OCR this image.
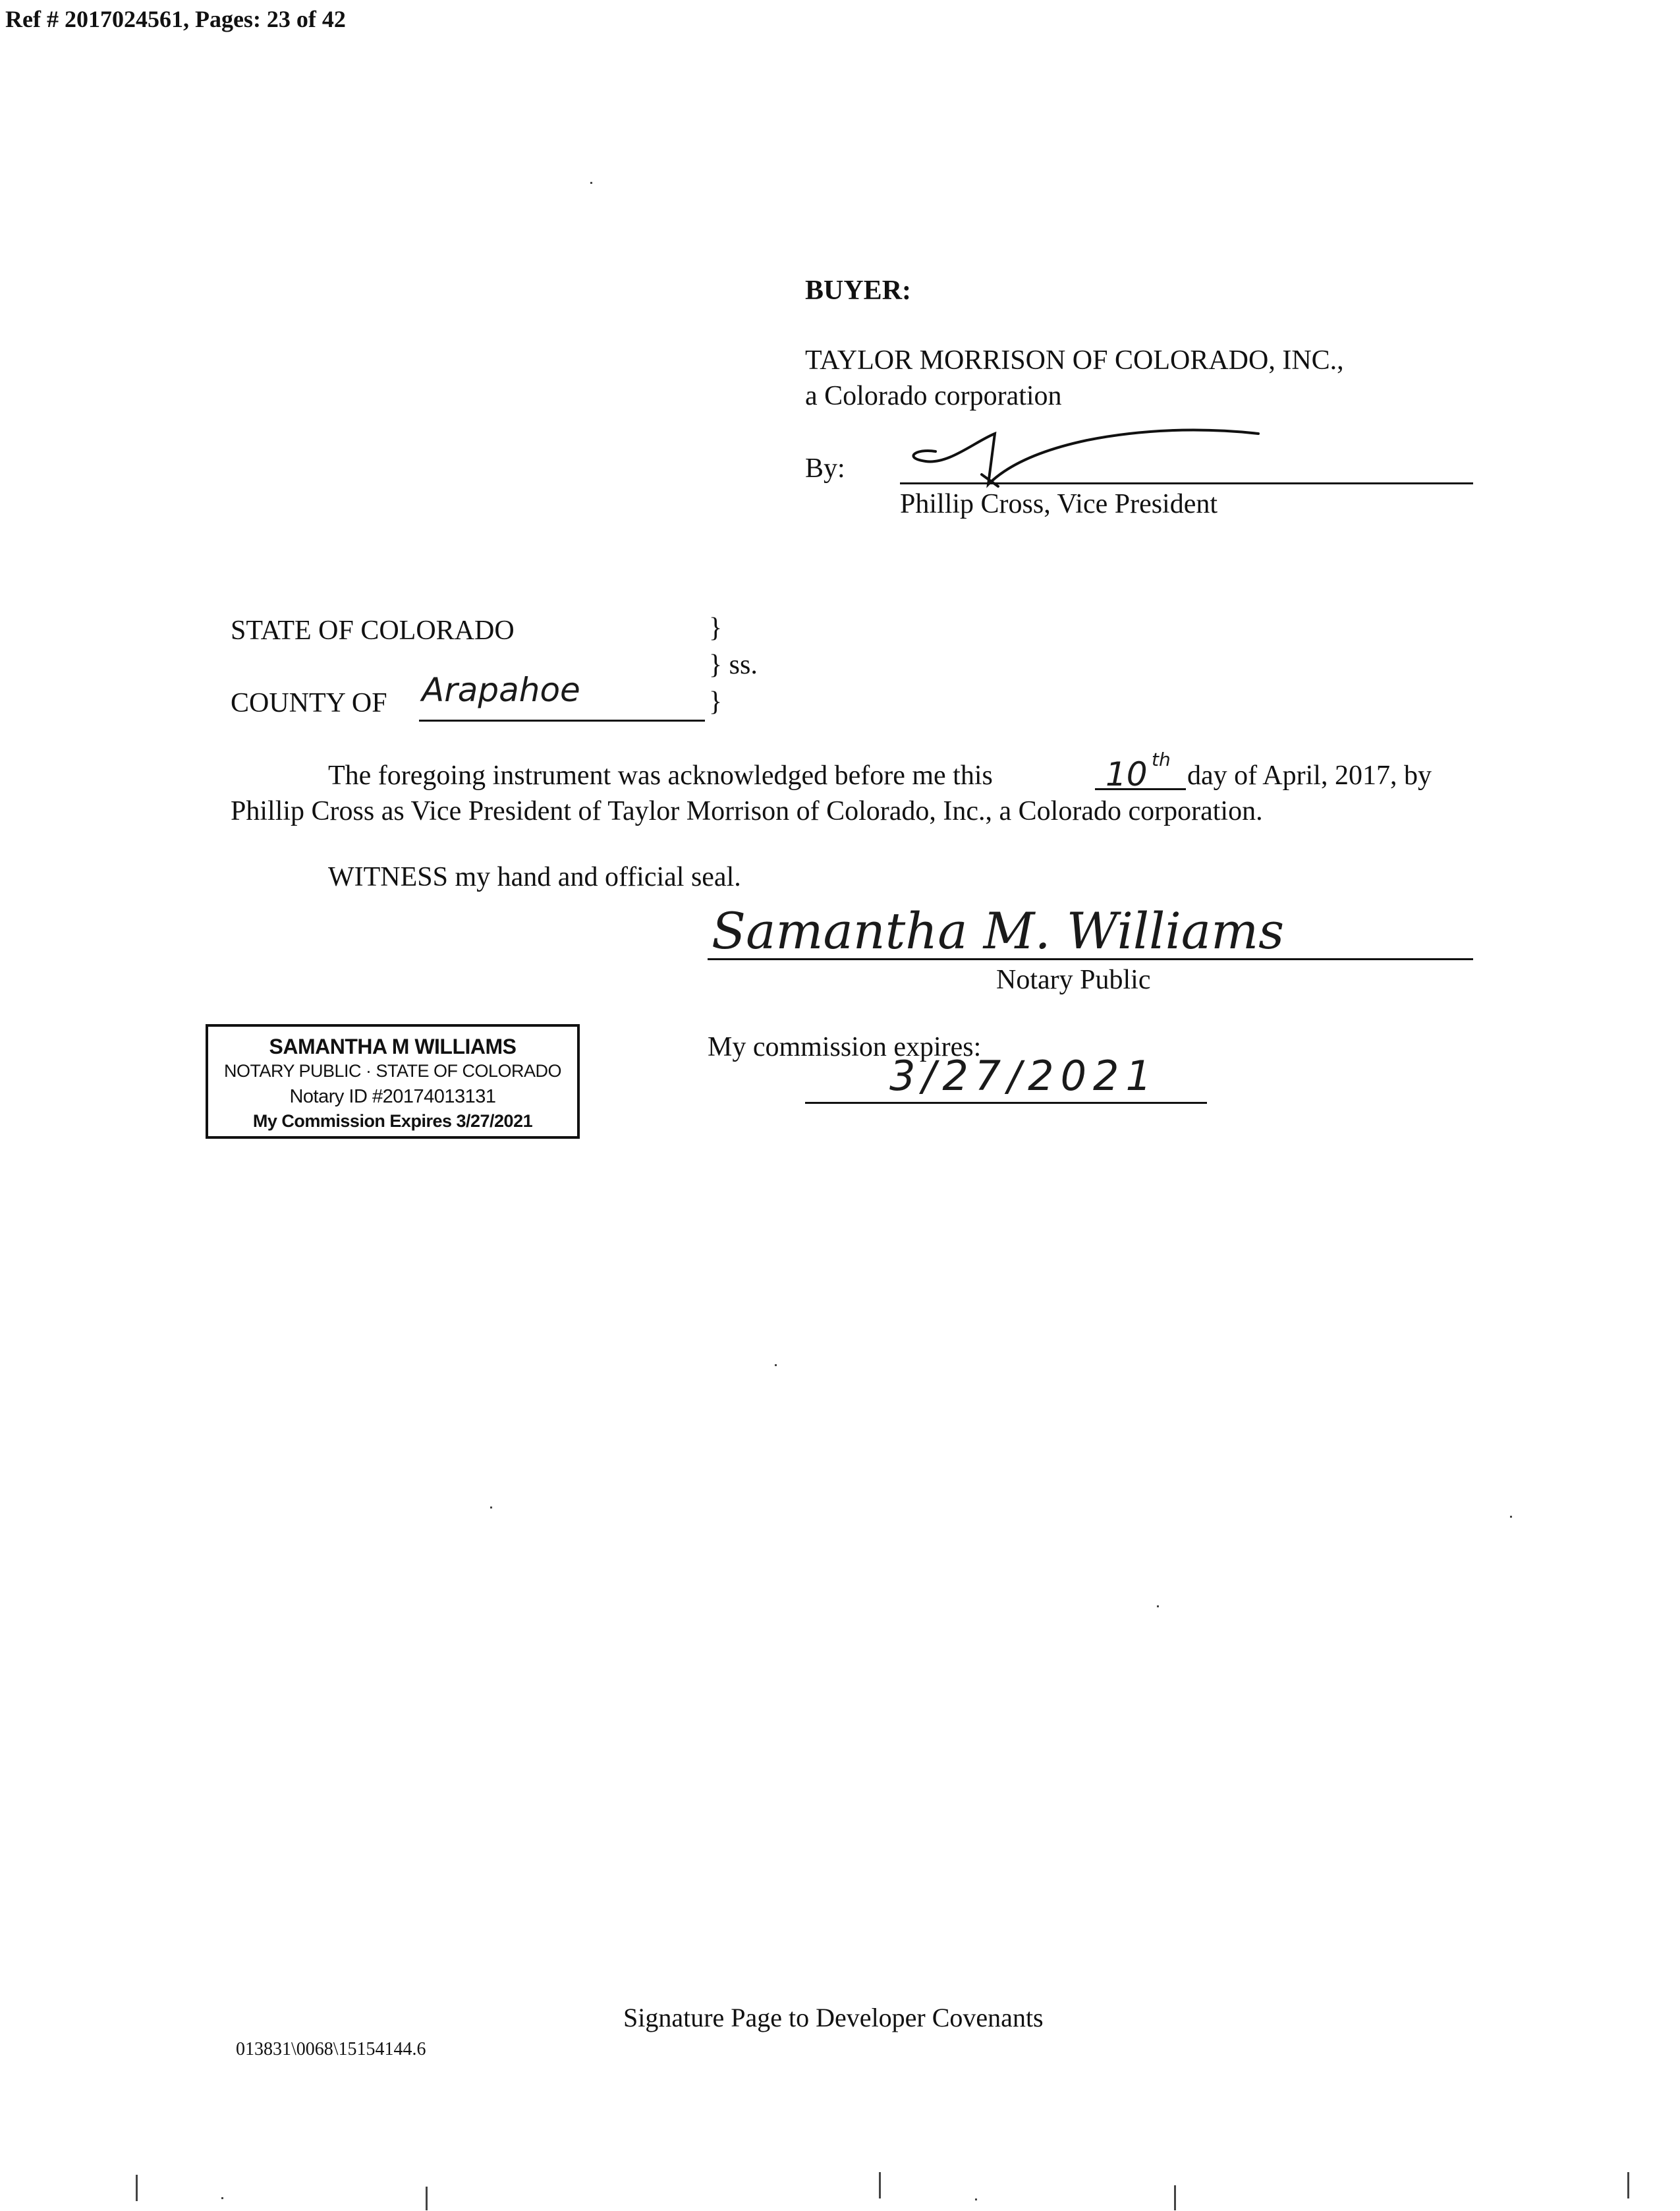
Ref # 2017024561, Pages: 23 of 42
BUYER:
TAYLOR MORRISON OF COLORADO, INC.,
a Colorado corporation
By:
Phillip Cross, Vice President
STATE OF COLORADO	}
} ss.
COUNTY OF Arapahoe	}
The foregoing instrument was acknowledged before me this	10 th
day of April, 2017, by
Phillip Cross as Vice President of Taylor Morrison of Colorado, Inc., a Colorado corporation.
WITNESS my hand and official seal.
Samantha M. Williams
Notary Public
SAMANTHA M WILLIAMS
NOTARY PUBLIC · STATE OF COLORADO
Notary ID #20174013131
My Commission Expires 3/27/2021
My commission expires:
3/27/2021
Signature Page to Developer Covenants
013831\0068\15154144.6
